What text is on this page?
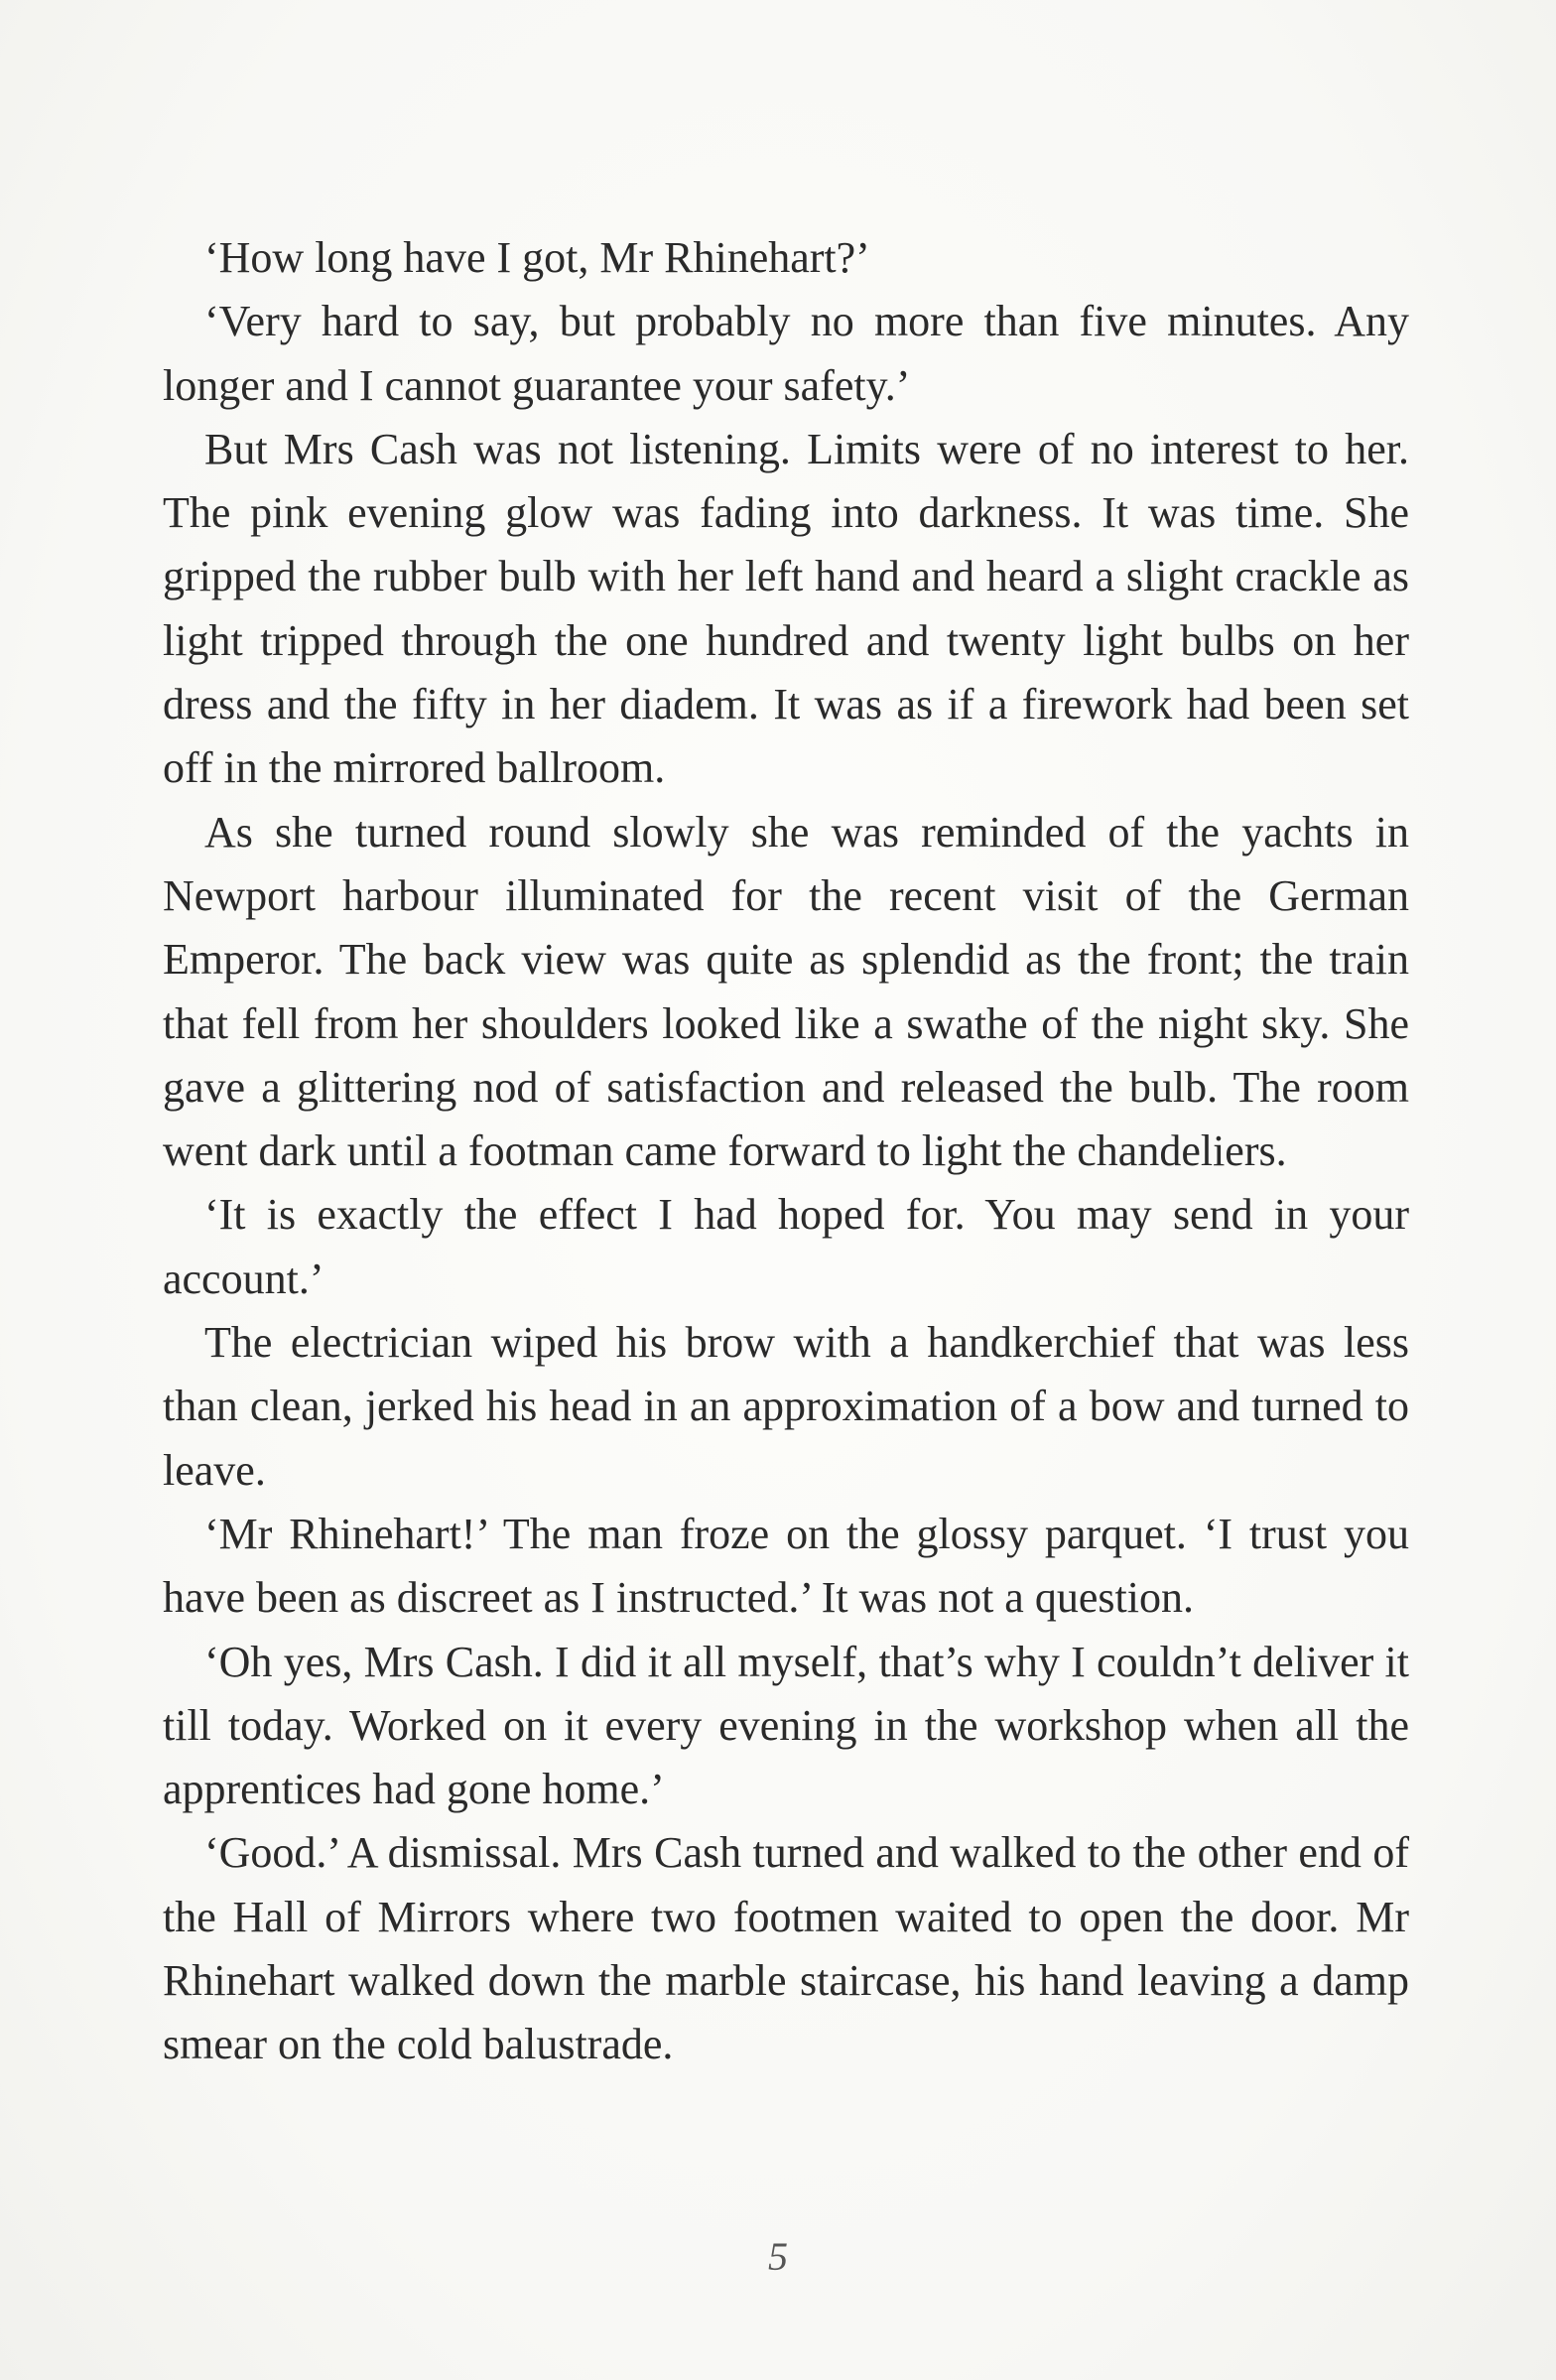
‘How long have I got, Mr Rhinehart?’

‘Very hard to say, but probably no more than five minutes. Any longer and I cannot guarantee your safety.’

But Mrs Cash was not listening. Limits were of no interest to her. The pink evening glow was fading into darkness. It was time. She gripped the rubber bulb with her left hand and heard a slight crackle as light tripped through the one hundred and twenty light bulbs on her dress and the fifty in her diadem. It was as if a firework had been set off in the mirrored ballroom.

As she turned round slowly she was reminded of the yachts in Newport harbour illuminated for the recent visit of the German Emperor. The back view was quite as splendid as the front; the train that fell from her shoulders looked like a swathe of the night sky. She gave a glittering nod of satisfaction and released the bulb. The room went dark until a footman came forward to light the chandeliers.

‘It is exactly the effect I had hoped for. You may send in your account.’

The electrician wiped his brow with a handkerchief that was less than clean, jerked his head in an approximation of a bow and turned to leave.

‘Mr Rhinehart!’ The man froze on the glossy parquet. ‘I trust you have been as discreet as I instructed.’ It was not a question.

‘Oh yes, Mrs Cash. I did it all myself, that’s why I couldn’t deliver it till today. Worked on it every evening in the workshop when all the apprentices had gone home.’

‘Good.’ A dismissal. Mrs Cash turned and walked to the other end of the Hall of Mirrors where two footmen waited to open the door. Mr Rhinehart walked down the marble staircase, his hand leaving a damp smear on the cold balustrade.

5
